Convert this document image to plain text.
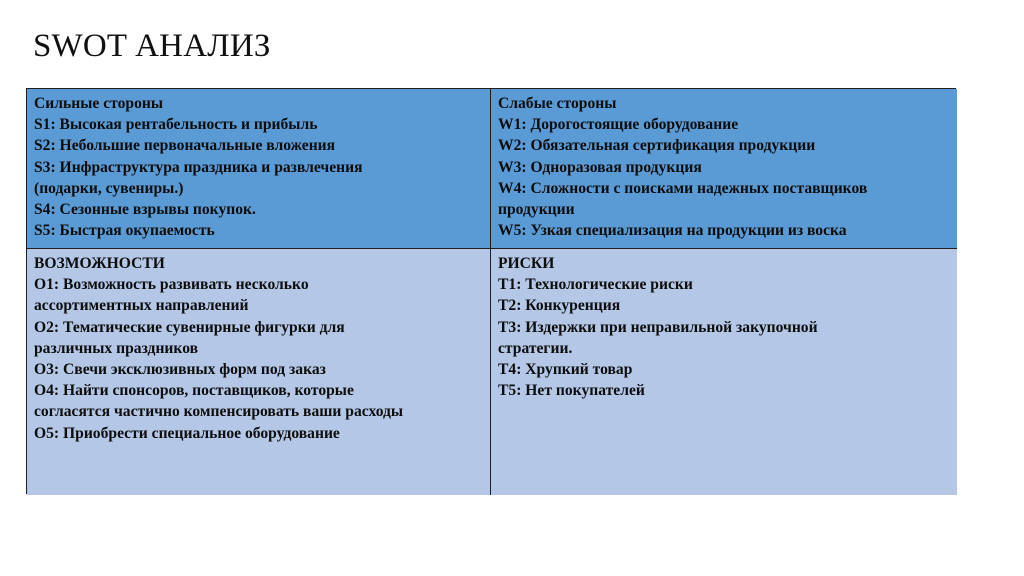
SWOT АНАЛИЗ
Сильные стороны
S1: Высокая рентабельность и прибыль
S2: Небольшие первоначальные вложения
S3: Инфраструктура праздника и развлечения
(подарки, сувениры.)
S4: Сезонные взрывы покупок.
S5: Быстрая окупаемость
Слабые стороны
W1: Дорогостоящие оборудование
W2: Обязательная сертификация продукции
W3: Одноразовая продукция
W4: Сложности с поисками надежных поставщиков
продукции
W5: Узкая специализация на продукции из воска
ВОЗМОЖНОСТИ
O1: Возможность развивать несколько
ассортиментных направлений
O2: Тематические сувенирные фигурки для
различных праздников
O3: Свечи эксклюзивных форм под заказ
O4: Найти спонсоров, поставщиков, которые
согласятся частично компенсировать ваши расходы
O5: Приобрести специальное оборудование
РИСКИ
T1: Технологические риски
T2: Конкуренция
T3: Издержки при неправильной закупочной
стратегии.
T4: Хрупкий товар
T5: Нет покупателей
